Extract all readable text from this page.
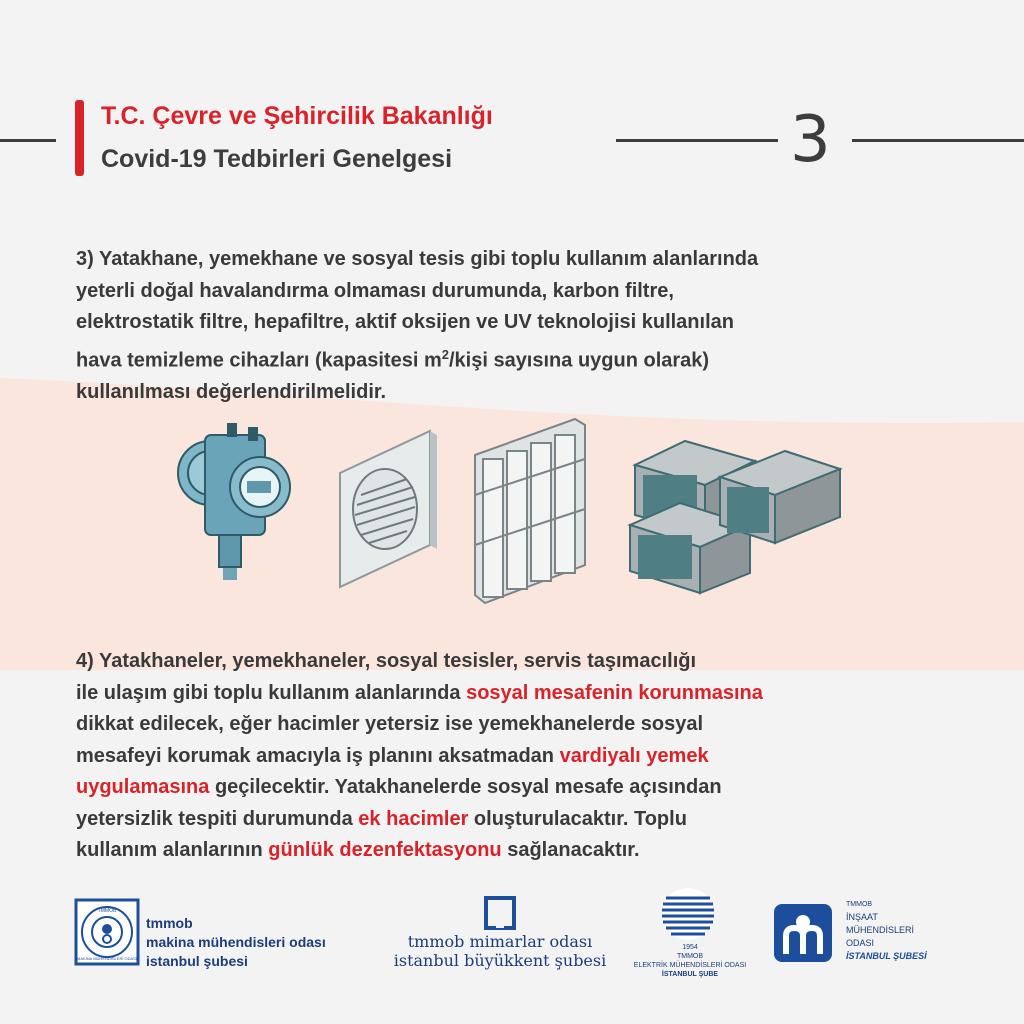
T.C. Çevre ve Şehircilik Bakanlığı
Covid-19 Tedbirleri Genelgesi	3
3) Yatakhane, yemekhane ve sosyal tesis gibi toplu kullanım alanlarında
yeterli doğal havalandırma olmaması durumunda, karbon filtre,
elektrostatik filtre, hepafiltre, aktif oksijen ve UV teknolojisi kullanılan
hava temizleme cihazları (kapasitesi $m^2$/kişi sayısına uygun olarak)
kullanılması değerlendirilmelidir.
4) Yatakhaneler, yemekhaneler, sosyal tesisler, servis taşımacılığı
ile ulaşım gibi toplu kullanım alanlarında sosyal mesafenin korunmasına
dikkat edilecek, eğer hacimler yetersiz ise yemekhanelerde sosyal
mesafeyi korumak amacıyla iş planını aksatmadan vardiyalı yemek
uygulamasına geçilecektir. Yatakhanelerde sosyal mesafe açısından
yetersizlik tespiti durumunda ek hacimler oluşturulacaktır. Toplu
kullanım alanlarının günlük dezenfektasyonu sağlanacaktır.
TMMOB
MAKİNA MÜHENDİSLERİ ODASI
tmmob
makina mühendisleri odası
istanbul şubesi
tmmob mimarlar odası
istanbul büyükkent şubesi
1954
TMMOB
ELEKTRİK MÜHENDİSLERİ ODASI
İSTANBUL ŞUBE
TMMOB
İNŞAAT
MÜHENDİSLERİ
ODASI
İSTANBUL ŞUBESİ
